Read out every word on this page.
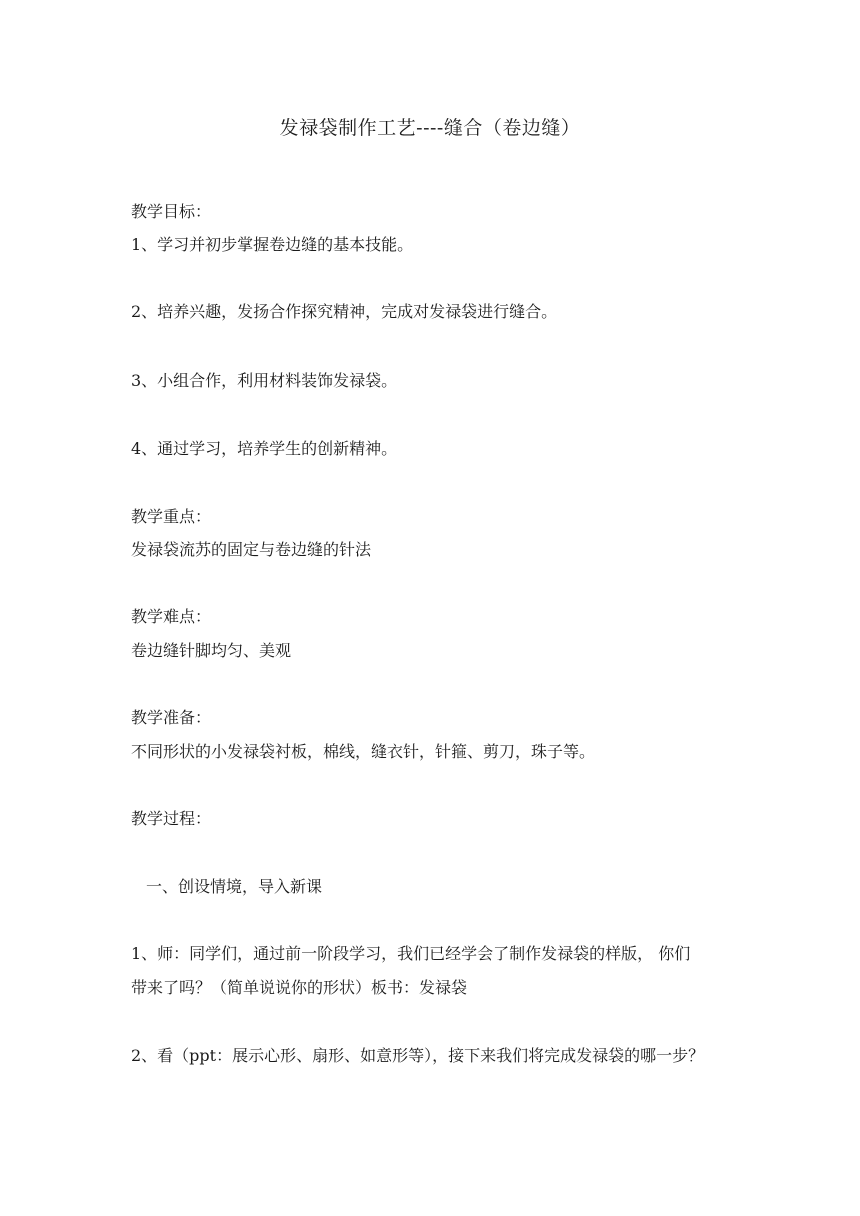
发禄袋制作工艺----缝合（卷边缝）
教学目标：
1、学习并初步掌握卷边缝的基本技能。
2、培养兴趣，发扬合作探究精神，完成对发禄袋进行缝合。
3、小组合作，利用材料装饰发禄袋。
4、通过学习，培养学生的创新精神。
教学重点：
发禄袋流苏的固定与卷边缝的针法
教学难点：
卷边缝针脚均匀、美观
教学准备：
不同形状的小发禄袋衬板，棉线，缝衣针，针箍、剪刀，珠子等。
教学过程：
一、创设情境，导入新课
1、师：同学们，通过前一阶段学习，我们已经学会了制作发禄袋的样版， 你们
带来了吗？（简单说说你的形状）板书：发禄袋
2、看（ppt：展示心形、扇形、如意形等），接下来我们将完成发禄袋的哪一步？
